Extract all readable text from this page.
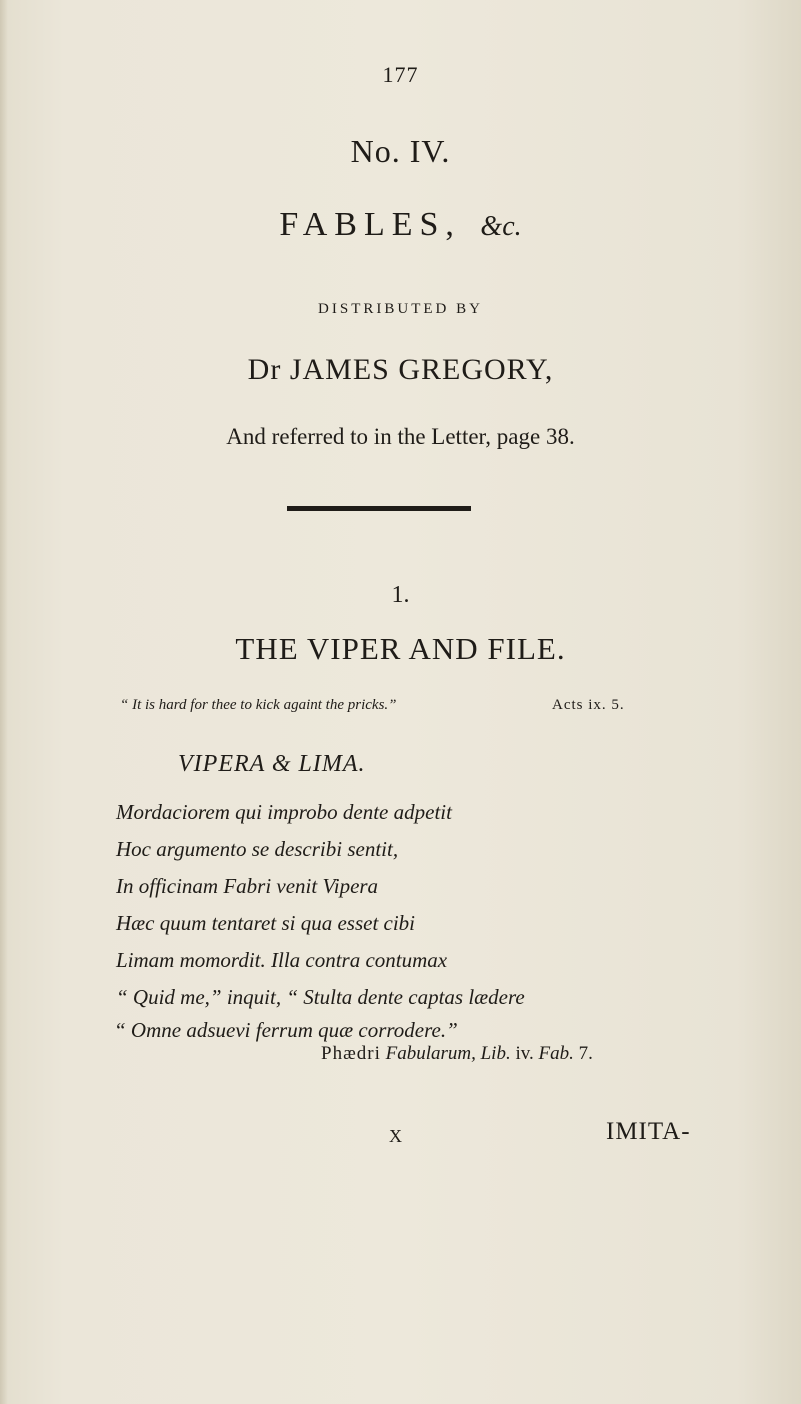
177
No. IV.
FABLES, &c.
DISTRIBUTED BY
Dr JAMES GREGORY,
And referred to in the Letter, page 38.
1.
THE VIPER AND FILE.
“ It is hard for thee to kick againt the pricks.”	Acts ix. 5.
VIPERA & LIMA.
Mordaciorem qui improbo dente adpetit
Hoc argumento se describi sentit,
In officinam Fabri venit Vipera
Hæc quum tentaret si qua esset cibi
Limam momordit. Illa contra contumax
“ Quid me,” inquit, “ Stulta dente captas lædere
“ Omne adsuevi ferrum quæ corrodere.”
Phædri Fabularum, Lib. iv. Fab. 7.
X	IMITA-
